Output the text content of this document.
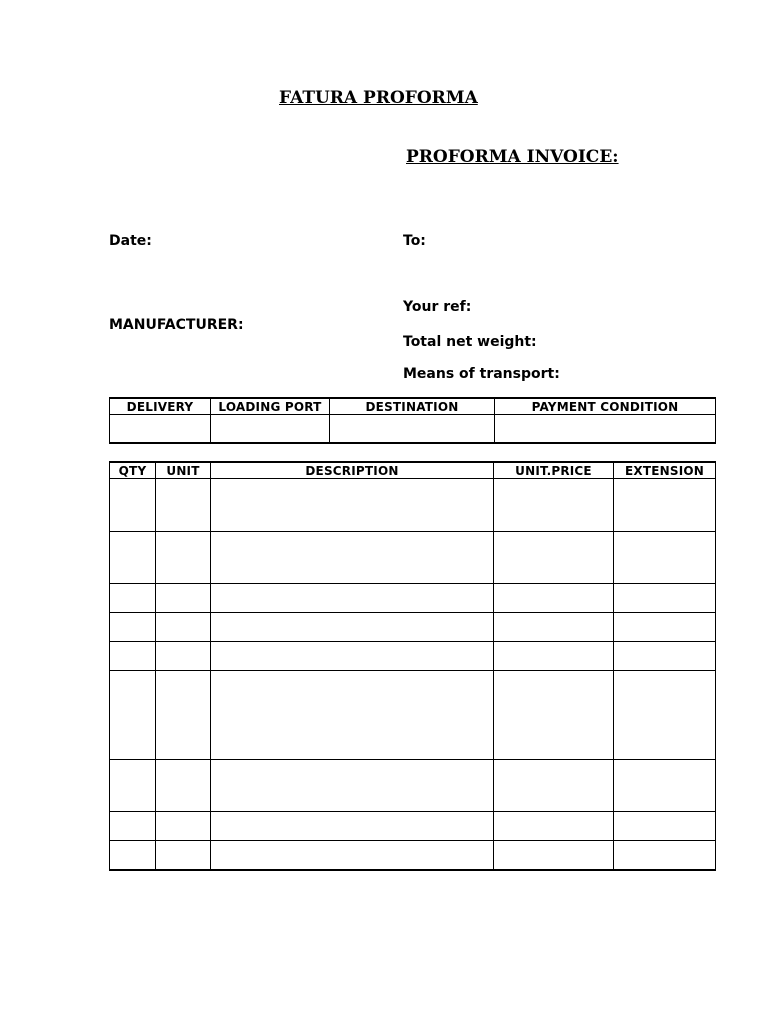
FATURA PROFORMA
PROFORMA INVOICE:
Date:	To:
Your ref:
MANUFACTURER:
Total net weight:
Means of transport:
DELIVERY	LOADING PORT	DESTINATION	PAYMENT CONDITION

QTY	UNIT	DESCRIPTION	UNIT.PRICE	EXTENSION
